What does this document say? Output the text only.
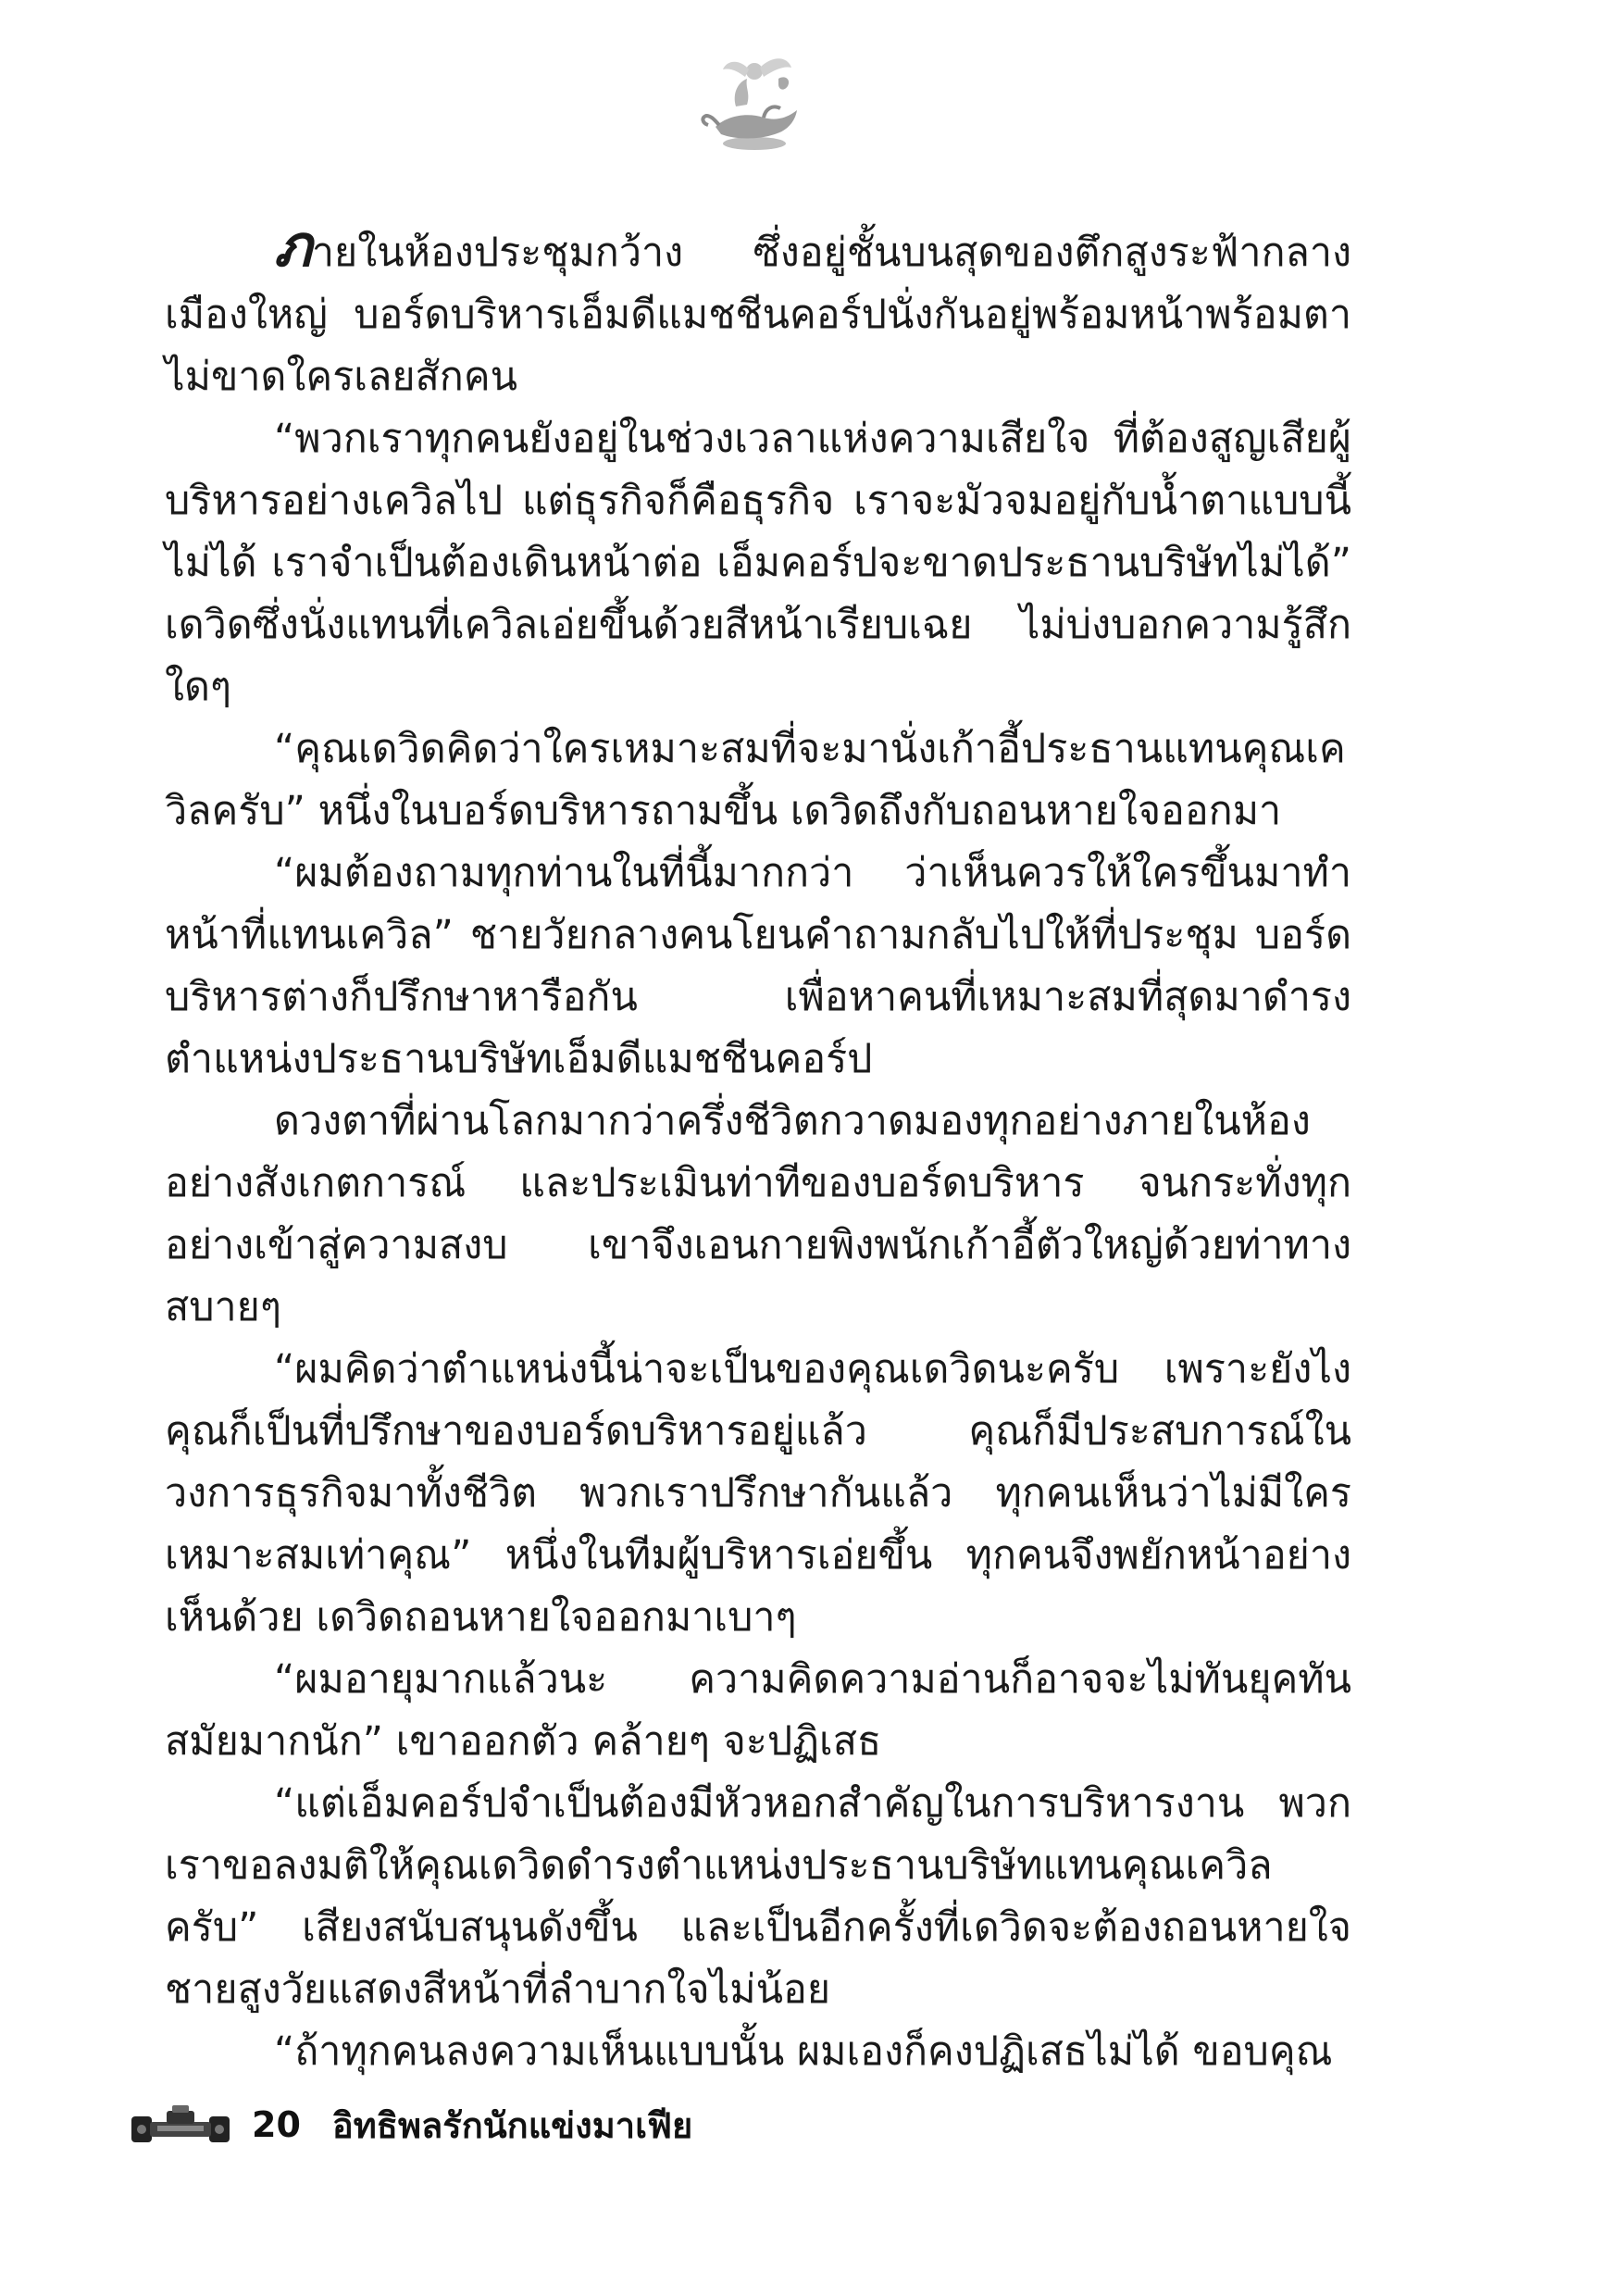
ภายในห้องประชุมกว้าง ซึ่งอยู่ชั้นบนสุดของตึกสูงระฟ้ากลางเมืองใหญ่ บอร์ดบริหารเอ็มดีแมชชีนคอร์ปนั่งกันอยู่พร้อมหน้าพร้อมตาไม่ขาดใครเลยสักคน

“พวกเราทุกคนยังอยู่ในช่วงเวลาแห่งความเสียใจ ที่ต้องสูญเสียผู้บริหารอย่างเควิลไป แต่ธุรกิจก็คือธุรกิจ เราจะมัวจมอยู่กับน้ำตาแบบนี้ไม่ได้ เราจำเป็นต้องเดินหน้าต่อ เอ็มคอร์ปจะขาดประธานบริษัทไม่ได้” เดวิดซึ่งนั่งแทนที่เควิลเอ่ยขึ้นด้วยสีหน้าเรียบเฉย ไม่บ่งบอกความรู้สึกใดๆ

“คุณเดวิดคิดว่าใครเหมาะสมที่จะมานั่งเก้าอี้ประธานแทนคุณเควิลครับ” หนึ่งในบอร์ดบริหารถามขึ้น เดวิดถึงกับถอนหายใจออกมา

“ผมต้องถามทุกท่านในที่นี้มากกว่า ว่าเห็นควรให้ใครขึ้นมาทำหน้าที่แทนเควิล” ชายวัยกลางคนโยนคำถามกลับไปให้ที่ประชุม บอร์ดบริหารต่างก็ปรึกษาหารือกัน เพื่อหาคนที่เหมาะสมที่สุดมาดำรงตำแหน่งประธานบริษัทเอ็มดีแมชชีนคอร์ป

ดวงตาที่ผ่านโลกมากว่าครึ่งชีวิตกวาดมองทุกอย่างภายในห้องอย่างสังเกตการณ์ และประเมินท่าทีของบอร์ดบริหาร จนกระทั่งทุกอย่างเข้าสู่ความสงบ เขาจึงเอนกายพิงพนักเก้าอี้ตัวใหญ่ด้วยท่าทางสบายๆ

“ผมคิดว่าตำแหน่งนี้น่าจะเป็นของคุณเดวิดนะครับ เพราะยังไงคุณก็เป็นที่ปรึกษาของบอร์ดบริหารอยู่แล้ว คุณก็มีประสบการณ์ในวงการธุรกิจมาทั้งชีวิต พวกเราปรึกษากันแล้ว ทุกคนเห็นว่าไม่มีใครเหมาะสมเท่าคุณ” หนึ่งในทีมผู้บริหารเอ่ยขึ้น ทุกคนจึงพยักหน้าอย่างเห็นด้วย เดวิดถอนหายใจออกมาเบาๆ

“ผมอายุมากแล้วนะ ความคิดความอ่านก็อาจจะไม่ทันยุคทันสมัยมากนัก” เขาออกตัว คล้ายๆ จะปฏิเสธ

“แต่เอ็มคอร์ปจำเป็นต้องมีหัวหอกสำคัญในการบริหารงาน พวกเราขอลงมติให้คุณเดวิดดำรงตำแหน่งประธานบริษัทแทนคุณเควิลครับ” เสียงสนับสนุนดังขึ้น และเป็นอีกครั้งที่เดวิดจะต้องถอนหายใจ ชายสูงวัยแสดงสีหน้าที่ลำบากใจไม่น้อย

“ถ้าทุกคนลงความเห็นแบบนั้น ผมเองก็คงปฏิเสธไม่ได้ ขอบคุณ

20 อิทธิพลรักนักแข่งมาเฟีย
